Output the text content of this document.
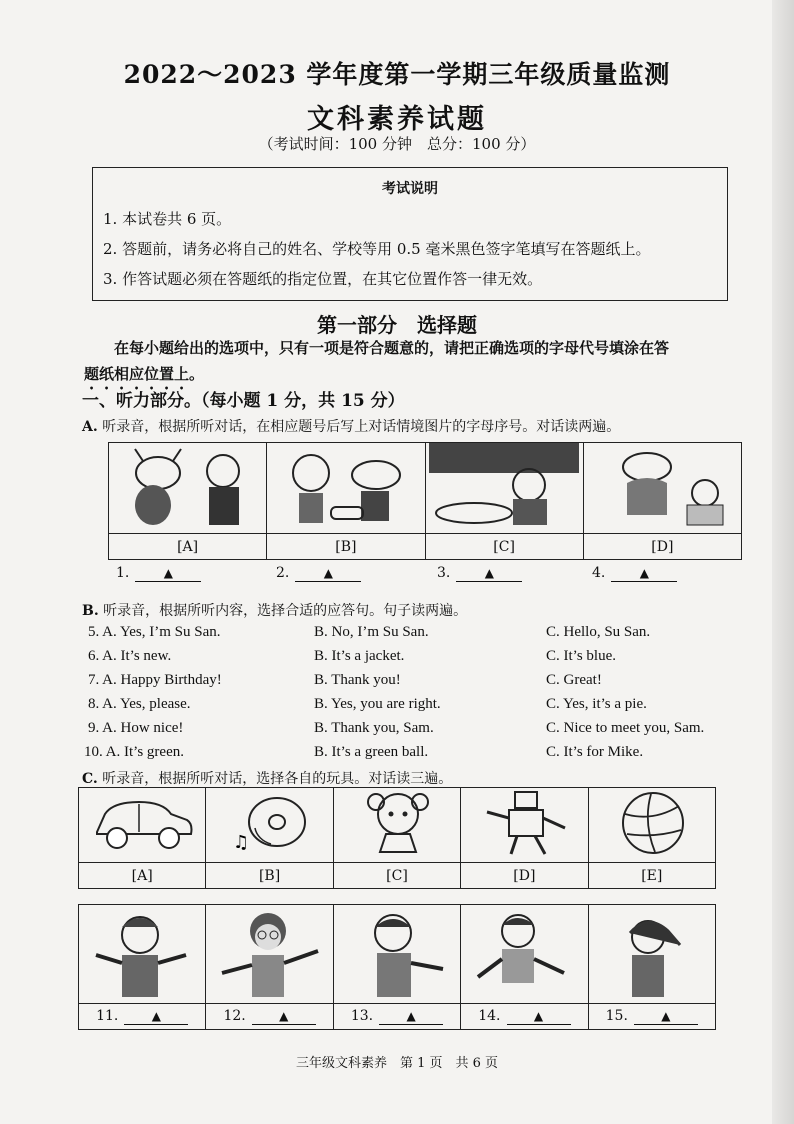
2022～2023 学年度第一学期三年级质量监测
文科素养试题
（考试时间：100 分钟　总分：100 分）
考试说明
1. 本试卷共 6 页。
2. 答题前，请务必将自己的姓名、学校等用 0.5 毫米黑色签字笔填写在答题纸上。
3. 作答试题必须在答题纸的指定位置，在其它位置作答一律无效。
第一部分　选择题
在每小题给出的选项中，只有一项是符合题意的，请把正确选项的字母代号填涂在答
题纸相应位置上。
一、听力部分。（每小题 1 分，共 15 分）
A. 听录音，根据所听对话，在相应题号后写上对话情境图片的字母序号。对话读两遍。

[A]	[B]	[C]	[D]
1.	▲	2.	▲	3.	▲	4.	▲
B. 听录音，根据所听内容，选择合适的应答句。句子读两遍。
5. A. Yes, I’m Su San.	B. No, I’m Su San.	C. Hello, Su San.
6. A. It’s new.	B. It’s a jacket.	C. It’s blue.
7. A. Happy Birthday!	B. Thank you!	C. Great!
8. A. Yes, please.	B. Yes, you are right.	C. Yes, it’s a pie.
9. A. How nice!	B. Thank you, Sam.	C. Nice to meet you, Sam.
10. A. It’s green.	B. It’s a green ball.	C. It’s for Mike.
C. 听录音，根据所听对话，选择各自的玩具。对话读三遍。

♫

[A]	[B]	[C]	[D]	[E]

11. ▲	12. ▲	13. ▲	14. ▲	15. ▲
三年级文科素养　第 1 页　共 6 页
